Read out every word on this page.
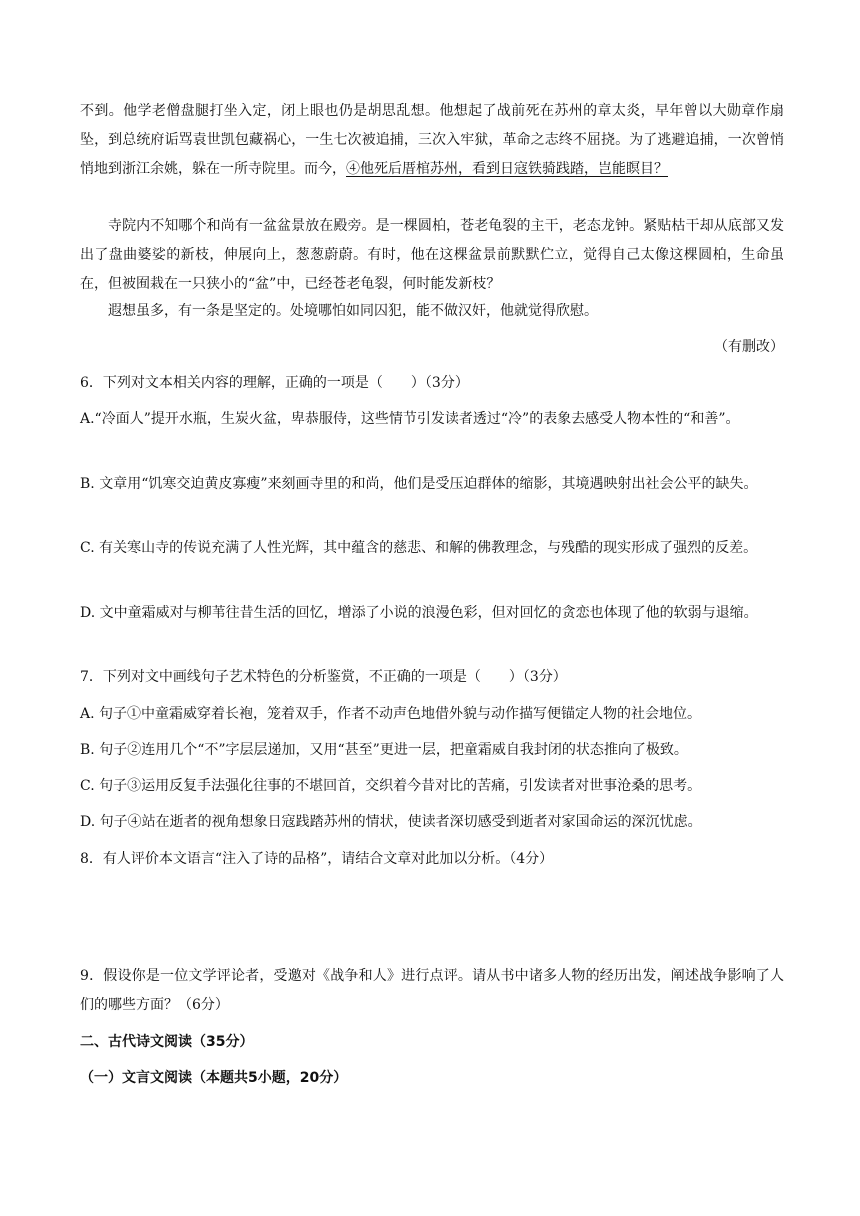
不到。他学老僧盘腿打坐入定，闭上眼也仍是胡思乱想。他想起了战前死在苏州的章太炎，早年曾以大勋章作扇坠，到总统府诟骂袁世凯包藏祸心，一生七次被追捕，三次入牢狱，革命之志终不屈挠。为了逃避追捕，一次曾悄悄地到浙江余姚，躲在一所寺院里。而今，④他死后厝棺苏州，看到日寇铁骑践踏，岂能瞑目？

寺院内不知哪个和尚有一盆盆景放在殿旁。是一棵圆柏，苍老龟裂的主干，老态龙钟。紧贴枯干却从底部又发出了盘曲婆娑的新枝，伸展向上，葱葱蔚蔚。有时，他在这棵盆景前默默伫立，觉得自己太像这棵圆柏，生命虽在，但被囿栽在一只狭小的“盆”中，已经苍老龟裂，何时能发新枝？

遐想虽多，有一条是坚定的。处境哪怕如同囚犯，能不做汉奸，他就觉得欣慰。

（有删改）

6．下列对文本相关内容的理解，正确的一项是（　　）（3分）

A.“冷面人”提开水瓶，生炭火盆，卑恭服侍，这些情节引发读者透过“冷”的表象去感受人物本性的“和善”。

B. 文章用“饥寒交迫黄皮寡瘦”来刻画寺里的和尚，他们是受压迫群体的缩影，其境遇映射出社会公平的缺失。

C. 有关寒山寺的传说充满了人性光辉，其中蕴含的慈悲、和解的佛教理念，与残酷的现实形成了强烈的反差。

D. 文中童霜威对与柳苇往昔生活的回忆，增添了小说的浪漫色彩，但对回忆的贪恋也体现了他的软弱与退缩。

7．下列对文中画线句子艺术特色的分析鉴赏，不正确的一项是（　　）（3分）

A. 句子①中童霜威穿着长袍，笼着双手，作者不动声色地借外貌与动作描写便锚定人物的社会地位。

B. 句子②连用几个“不”字层层递加，又用“甚至”更进一层，把童霜威自我封闭的状态推向了极致。

C. 句子③运用反复手法强化往事的不堪回首，交织着今昔对比的苦痛，引发读者对世事沧桑的思考。

D. 句子④站在逝者的视角想象日寇践踏苏州的情状，使读者深切感受到逝者对家国命运的深沉忧虑。

8．有人评价本文语言“注入了诗的品格”，请结合文章对此加以分析。（4分）

9．假设你是一位文学评论者，受邀对《战争和人》进行点评。请从书中诸多人物的经历出发，阐述战争影响了人们的哪些方面？（6分）

二、古代诗文阅读（35分）

（一）文言文阅读（本题共5小题，20分）
